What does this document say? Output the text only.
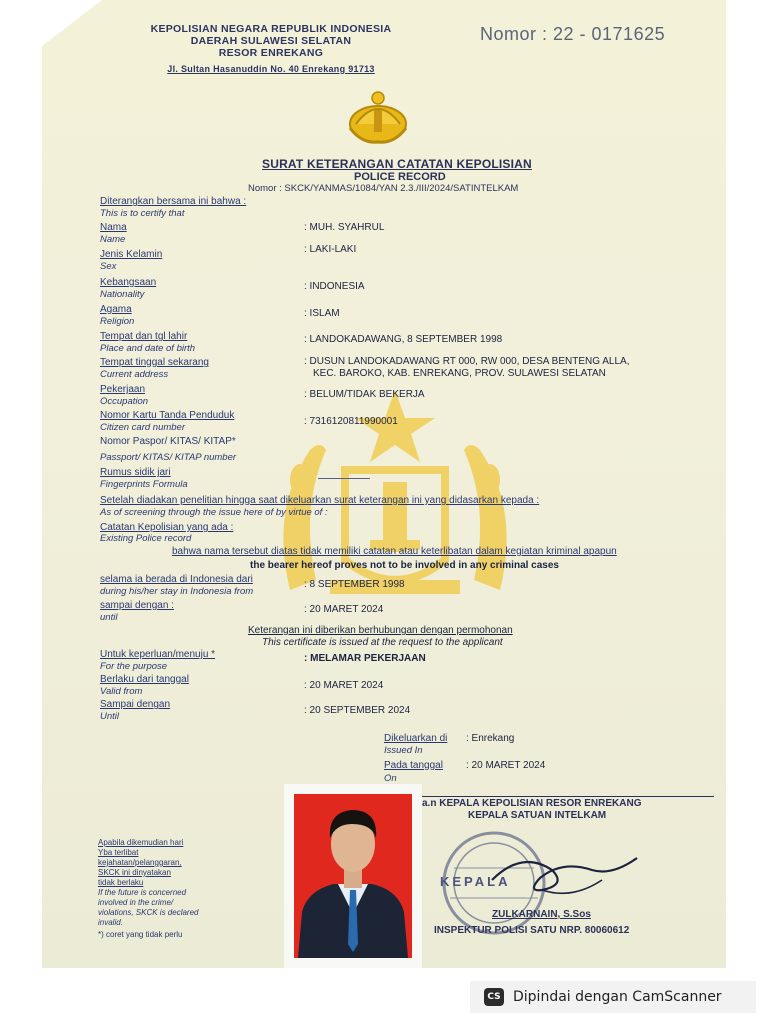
KEPOLISIAN NEGARA REPUBLIK INDONESIA
DAERAH SULAWESI SELATAN
RESOR ENREKANG
Jl. Sultan Hasanuddin No. 40 Enrekang 91713
Nomor : 22 - 0171625
SURAT KETERANGAN CATATAN KEPOLISIAN
POLICE RECORD
Nomor : SKCK/YANMAS/1084/YAN 2.3./III/2024/SATINTELKAM
Diterangkan bersama ini bahwa :
This is to certify that
Nama
Name
: MUH. SYAHRUL
Jenis Kelamin
Sex
: LAKI-LAKI
Kebangsaan
Nationality
: INDONESIA
Agama
Religion
: ISLAM
Tempat dan tgl lahir
Place and date of birth
: LANDOKADAWANG, 8 SEPTEMBER 1998
Tempat tinggal sekarang
Current address
: DUSUN LANDOKADAWANG RT 000, RW 000, DESA BENTENG ALLA,
KEC. BAROKO, KAB. ENREKANG, PROV. SULAWESI SELATAN
Pekerjaan
Occupation
: BELUM/TIDAK BEKERJA
Nomor Kartu Tanda Penduduk
Citizen card number
: 7316120811990001
Nomor Paspor/ KITAS/ KITAP*
Passport/ KITAS/ KITAP number
Rumus sidik jari
Fingerprints Formula
Setelah diadakan penelitian hingga saat dikeluarkan surat keterangan ini yang didasarkan kepada :
As of screening through the issue here of by virtue of :
Catatan Kepolisian yang ada :
Existing Police record
bahwa nama tersebut diatas tidak memiliki catatan atau keterlibatan dalam kegiatan kriminal apapun
the bearer hereof proves not to be involved in any criminal cases
selama ia berada di Indonesia dari
during his/her stay in Indonesia from
: 8 SEPTEMBER 1998
sampai dengan :
until
: 20 MARET 2024
Keterangan ini diberikan berhubungan dengan permohonan
This certificate is issued at the request to the applicant
Untuk keperluan/menuju *
For the purpose
: MELAMAR PEKERJAAN
Berlaku dari tanggal
Valid from
: 20 MARET 2024
Sampai dengan
Until
: 20 SEPTEMBER 2024
Dikeluarkan di
Issued In
: Enrekang
Pada tanggal
On
: 20 MARET 2024
a.n KEPALA KEPOLISIAN RESOR ENREKANG
KEPALA SATUAN INTELKAM
KEPALA
ZULKARNAIN, S.Sos
INSPEKTUR POLISI SATU NRP. 80060612
Apabila dikemudian hari
Yba terlibat
kejahatan/pelanggaran,
SKCK ini dinyatakan
tidak berlaku
If the future is concerned
involved in the crime/
violations, SKCK is declared
invalid.
*) coret yang tidak perlu
CS Dipindai dengan CamScanner
